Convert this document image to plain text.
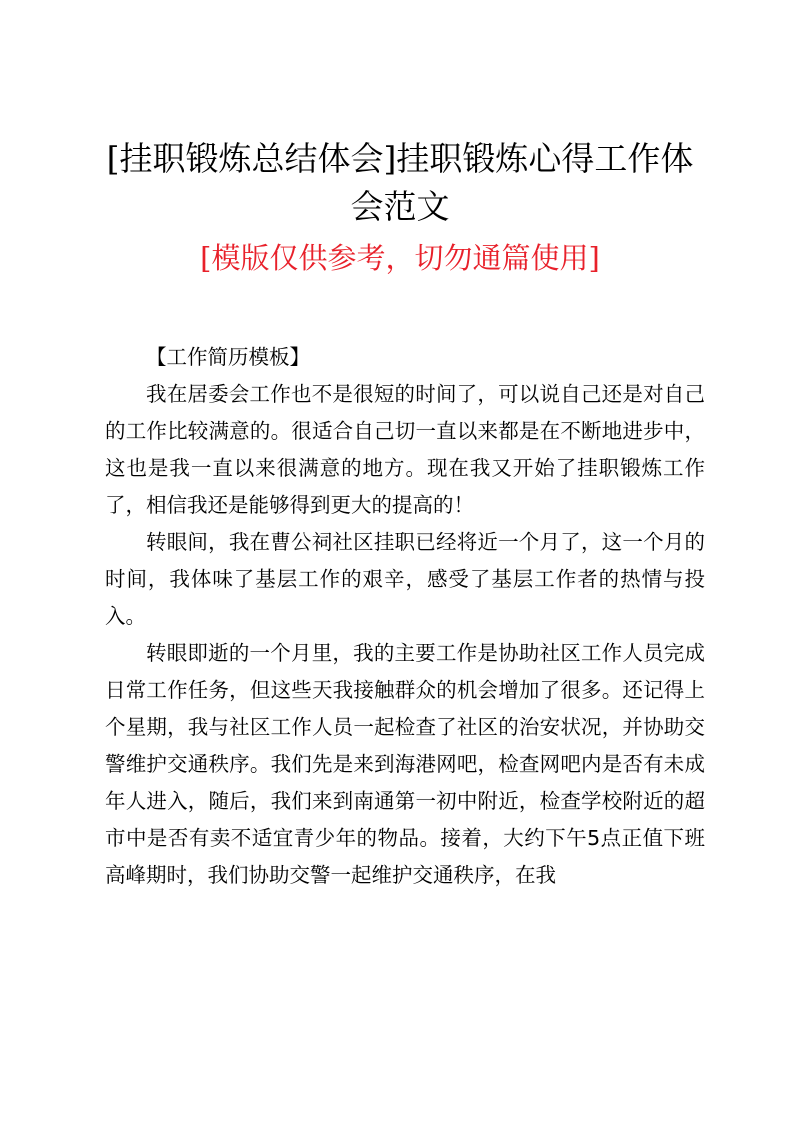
[挂职锻炼总结体会]挂职锻炼心得工作体会范文
[模版仅供参考，切勿通篇使用]

【工作简历模板】

我在居委会工作也不是很短的时间了，可以说自己还是对自己的工作比较满意的。很适合自己切一直以来都是在不断地进步中，这也是我一直以来很满意的地方。现在我又开始了挂职锻炼工作了，相信我还是能够得到更大的提高的！

转眼间，我在曹公祠社区挂职已经将近一个月了，这一个月的时间，我体味了基层工作的艰辛，感受了基层工作者的热情与投入。

转眼即逝的一个月里，我的主要工作是协助社区工作人员完成日常工作任务，但这些天我接触群众的机会增加了很多。还记得上个星期，我与社区工作人员一起检查了社区的治安状况，并协助交警维护交通秩序。我们先是来到海港网吧，检查网吧内是否有未成年人进入，随后，我们来到南通第一初中附近，检查学校附近的超市中是否有卖不适宜青少年的物品。接着，大约下午5点正值下班高峰期时，我们协助交警一起维护交通秩序，在我
